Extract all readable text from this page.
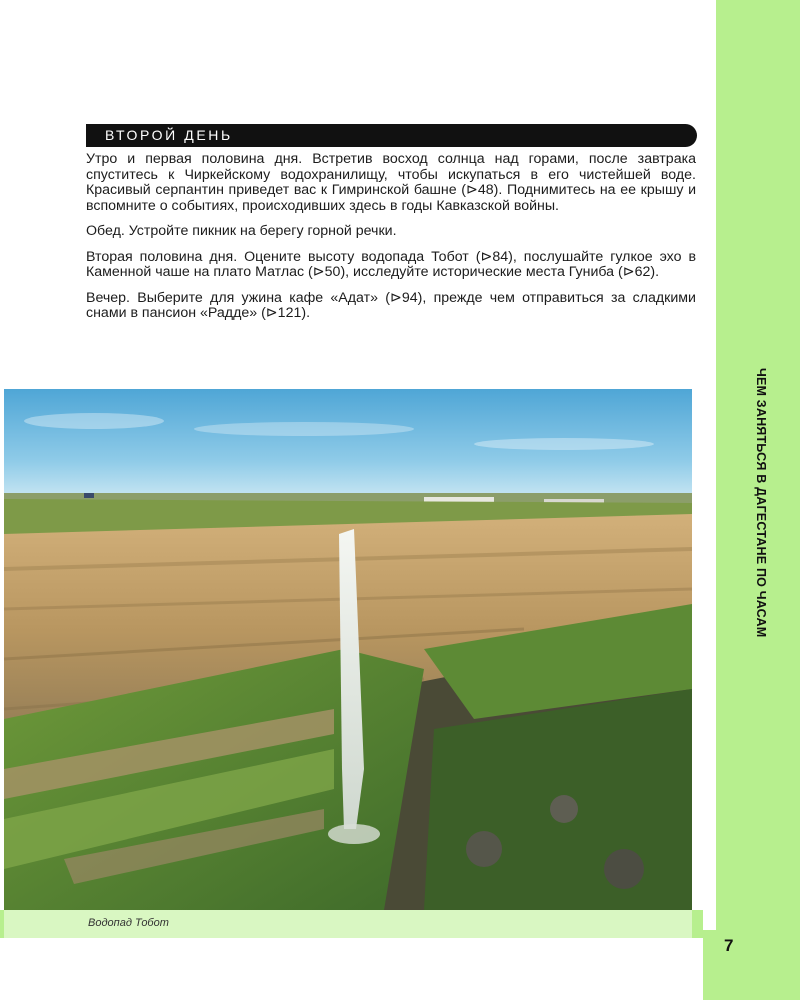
ЧЕМ ЗАНЯТЬСЯ В ДАГЕСТАНЕ ПО ЧАСАМ
ВТОРОЙ ДЕНЬ

Утро и первая половина дня. Встретив восход солнца над горами, после завтрака спуститесь к Чиркейскому водохранилищу, чтобы искупаться в его чистейшей воде. Красивый серпантин приведет вас к Гимринской башне (⊳48). Поднимитесь на ее крышу и вспомните о событиях, происходивших здесь в годы Кавказской войны.

Обед. Устройте пикник на берегу горной речки.

Вторая половина дня. Оцените высоту водопада Тобот (⊳84), послушайте гулкое эхо в Каменной чаше на плато Матлас (⊳50), исследуйте исторические места Гуниба (⊳62).

Вечер. Выберите для ужина кафе «Адат» (⊳94), прежде чем отправиться за сладкими снами в пансион «Радде» (⊳121).

Водопад Тобот
7
